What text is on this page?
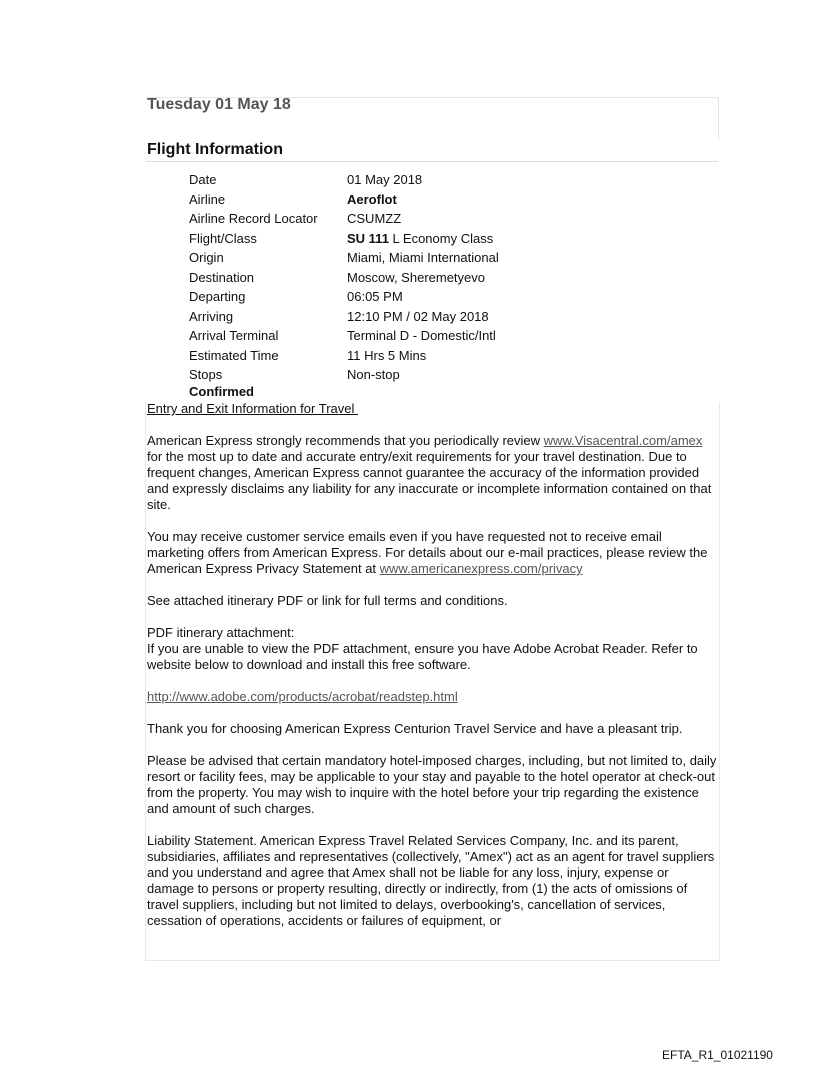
Tuesday 01 May 18
Flight Information
Date	01 May 2018
Airline	Aeroflot
Airline Record Locator	CSUMZZ
Flight/Class	SU 111 L Economy Class
Origin	Miami, Miami International
Destination	Moscow, Sheremetyevo
Departing	06:05 PM
Arriving	12:10 PM / 02 May 2018
Arrival Terminal	Terminal D - Domestic/Intl
Estimated Time	11 Hrs 5 Mins
Stops	Non-stop
Confirmed

Entry and Exit Information for Travel

American Express strongly recommends that you periodically review www.Visacentral.com/amex for the most up to date and accurate entry/exit requirements for your travel destination. Due to frequent changes, American Express cannot guarantee the accuracy of the information provided and expressly disclaims any liability for any inaccurate or incomplete information contained on that site.

You may receive customer service emails even if you have requested not to receive email marketing offers from American Express. For details about our e-mail practices, please review the American Express Privacy Statement at www.americanexpress.com/privacy

See attached itinerary PDF or link for full terms and conditions.

PDF itinerary attachment:
If you are unable to view the PDF attachment, ensure you have Adobe Acrobat Reader. Refer to website below to download and install this free software.

http://www.adobe.com/products/acrobat/readstep.html

Thank you for choosing American Express Centurion Travel Service and have a pleasant trip.

Please be advised that certain mandatory hotel-imposed charges, including, but not limited to, daily resort or facility fees, may be applicable to your stay and payable to the hotel operator at check-out from the property. You may wish to inquire with the hotel before your trip regarding the existence and amount of such charges.

Liability Statement. American Express Travel Related Services Company, Inc. and its parent, subsidiaries, affiliates and representatives (collectively, "Amex") act as an agent for travel suppliers and you understand and agree that Amex shall not be liable for any loss, injury, expense or damage to persons or property resulting, directly or indirectly, from (1) the acts of omissions of travel suppliers, including but not limited to delays, overbooking's, cancellation of services, cessation of operations, accidents or failures of equipment, or

EFTA_R1_01021190
